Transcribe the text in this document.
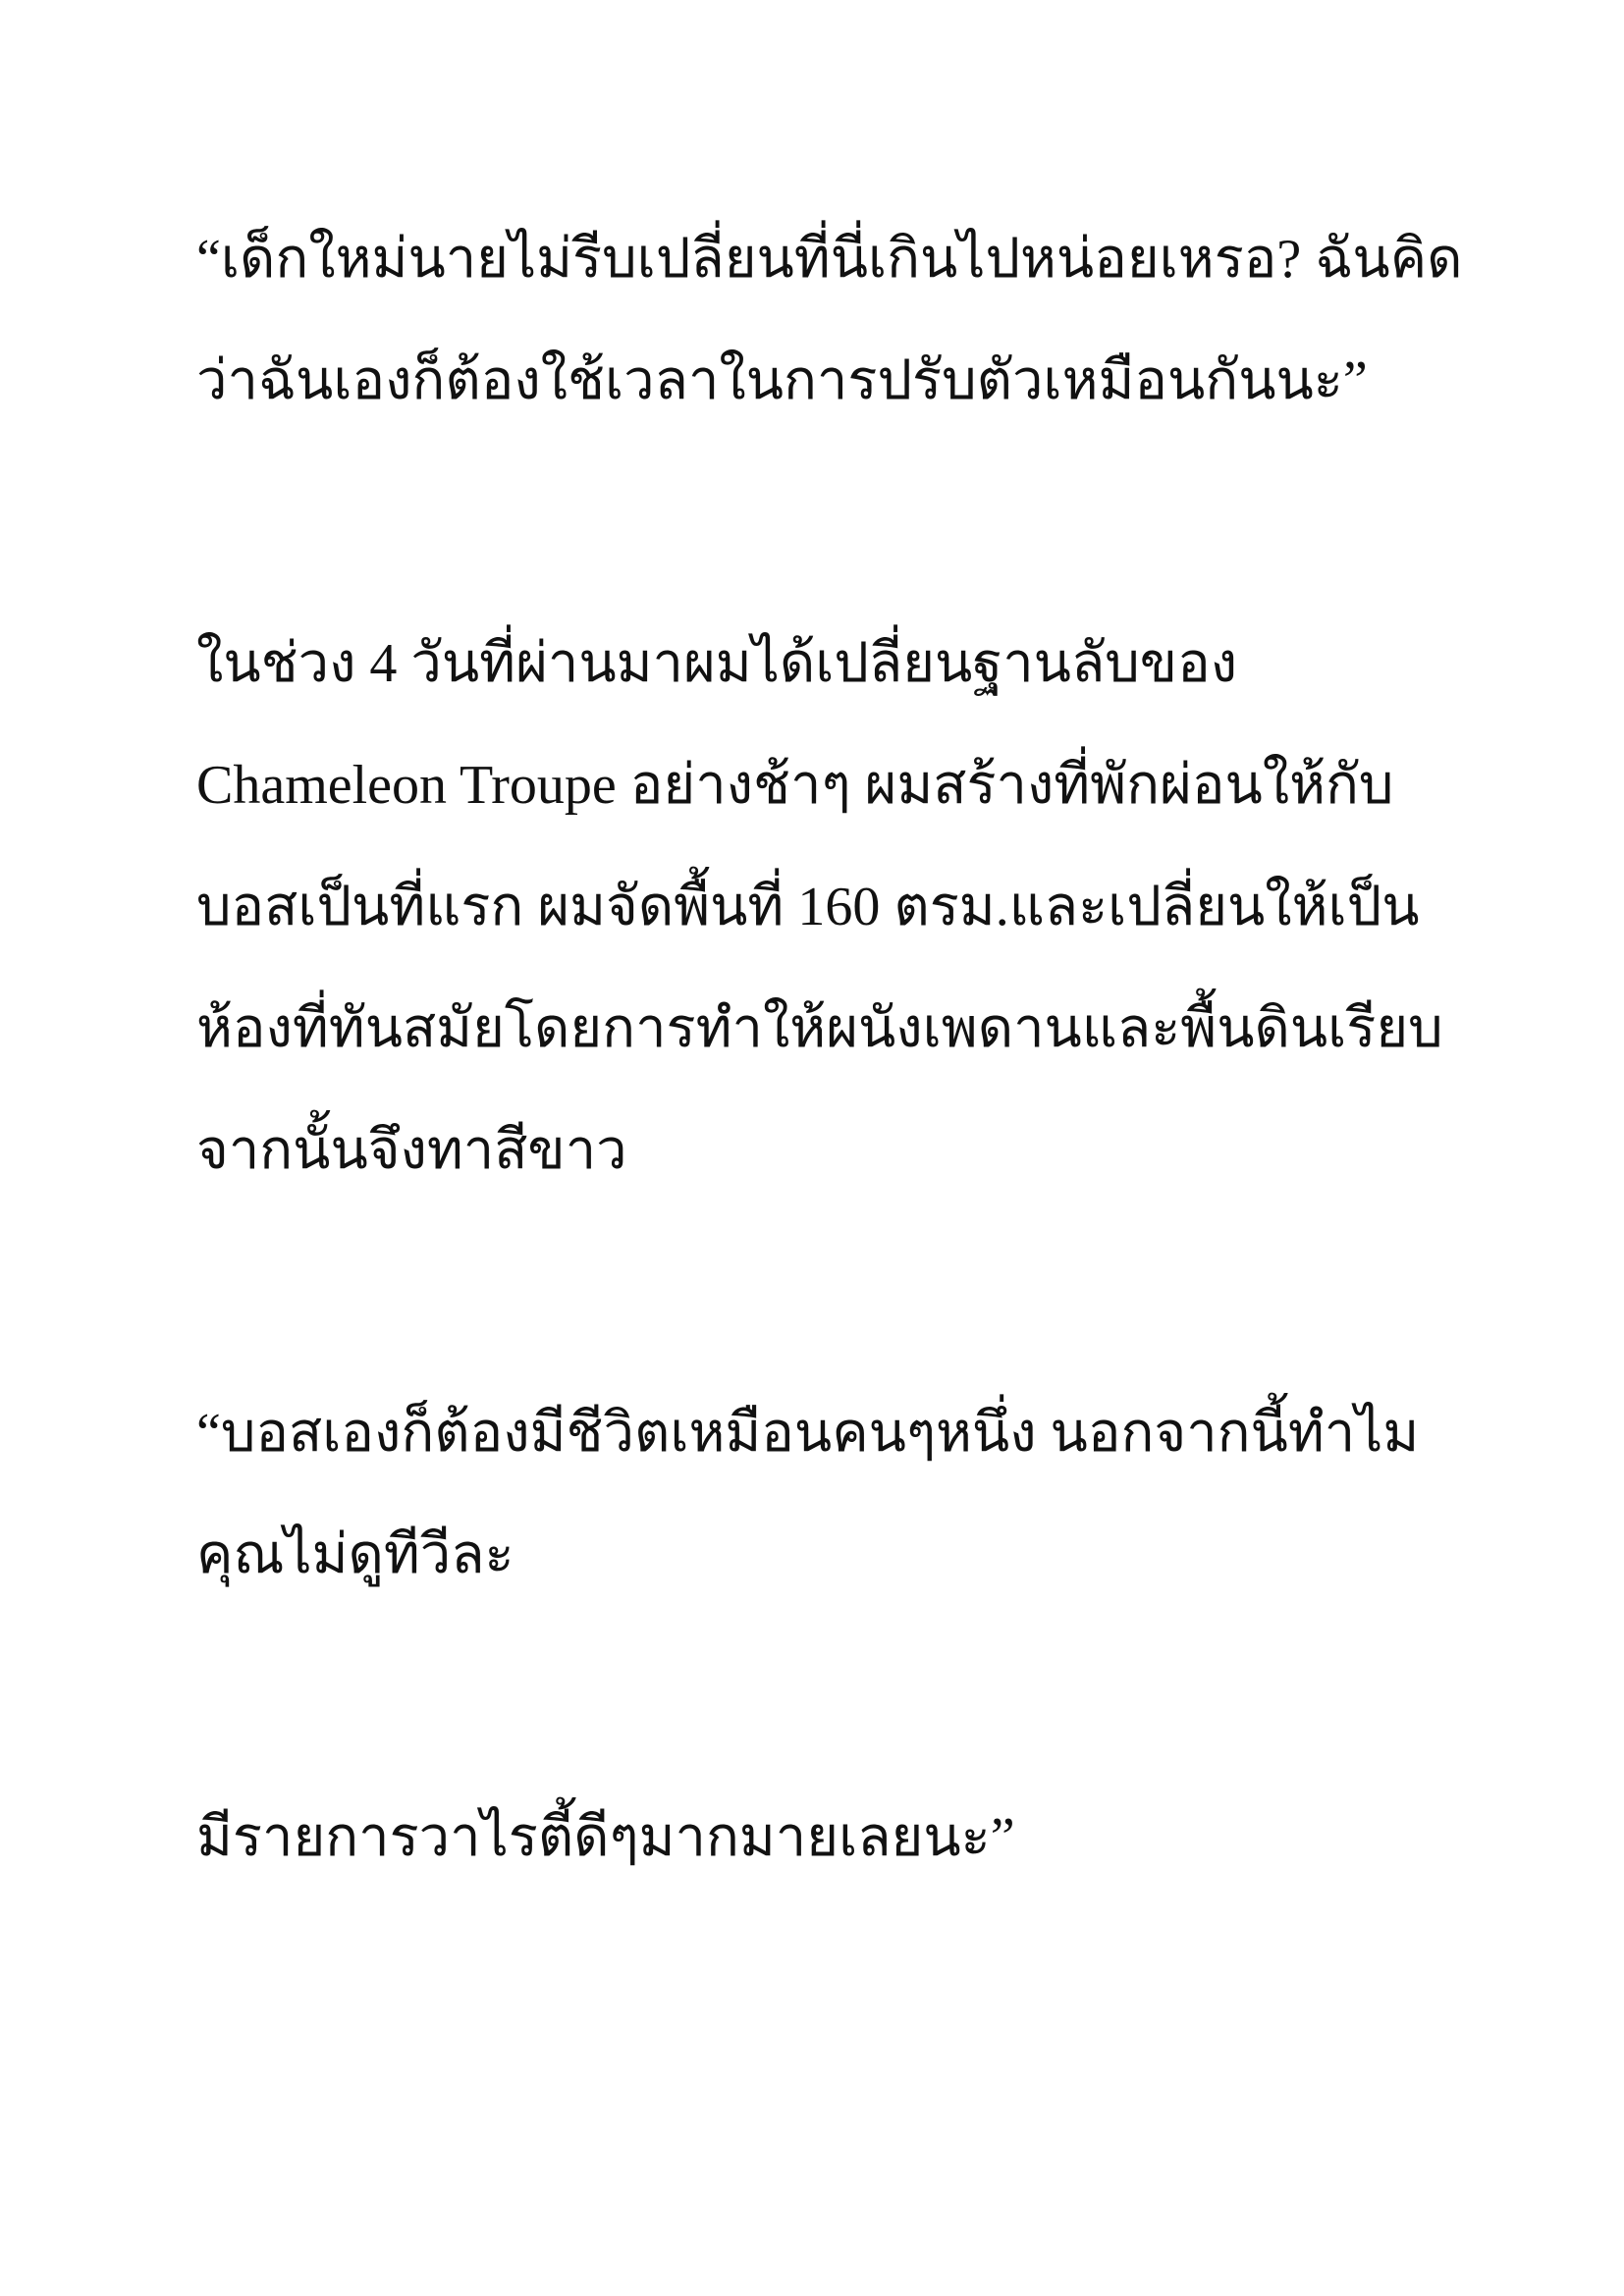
“เด็กใหม่นายไม่รีบเปลี่ยนที่นี่เกินไปหน่อยเหรอ? ฉันคิด

ว่าฉันเองก็ต้องใช้เวลาในการปรับตัวเหมือนกันนะ”

ในช่วง 4 วันที่ผ่านมาผมได้เปลี่ยนฐานลับของ

Chameleon Troupe อย่างช้าๆ ผมสร้างที่พักผ่อนให้กับ

บอสเป็นที่แรก ผมจัดพื้นที่ 160 ตรม.และเปลี่ยนให้เป็น

ห้องที่ทันสมัยโดยการทำให้ผนังเพดานและพื้นดินเรียบ

จากนั้นจึงทาสีขาว

“บอสเองก็ต้องมีชีวิตเหมือนคนๆหนึ่ง นอกจากนี้ทำไม

คุณไม่ดูทีวีละ

มีรายการวาไรตี้ดีๆมากมายเลยนะ”
